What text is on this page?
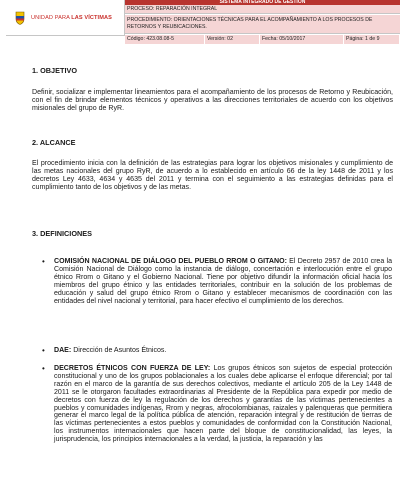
UNIDAD PARA LAS VÍCTIMAS
SISTEMA INTEGRADO DE GESTIÓN
PROCESO: REPARACIÓN INTEGRAL
PROCEDIMIENTO: ORIENTACIONES TÉCNICAS PARA EL ACOMPAÑAMIENTO A LOS PROCESOS DE RETORNOS Y REUBICACIONES.
Código: 423.08.08-5	Versión: 02	Fecha: 05/10/2017	Página: 1 de 9
1. OBJETIVO
Definir, socializar e implementar lineamientos para el acompañamiento de los procesos de Retorno y Reubicación, con el fin de brindar elementos técnicos y operativos a las direcciones territoriales de acuerdo con los objetivos misionales del grupo de RyR.
2. ALCANCE
El procedimiento inicia con la definición de las estrategias para lograr los objetivos misionales y cumplimiento de las metas nacionales del grupo RyR, de acuerdo a lo establecido en artículo 66 de la ley 1448 de 2011 y los decretos Ley 4633, 4634 y 4635 del 2011 y termina con el seguimiento a las estrategias definidas para el cumplimiento tanto de los objetivos y de las metas.
3. DEFINICIONES
• COMISIÓN NACIONAL DE DIÁLOGO DEL PUEBLO RROM O GITANO: El Decreto 2957 de 2010 crea la Comisión Nacional de Diálogo como la instancia de diálogo, concertación e interlocución entre el grupo étnico Rrom o Gitano y el Gobierno Nacional. Tiene por objetivo difundir la información oficial hacia los miembros del grupo étnico y las entidades territoriales, contribuir en la solución de los problemas de educación y salud del grupo étnico Rrom o Gitano y establecer mecanismos de coordinación con las entidades del nivel nacional y territorial, para hacer efectivo el cumplimiento de los derechos.
• DAE: Dirección de Asuntos Étnicos.
• DECRETOS ÉTNICOS CON FUERZA DE LEY: Los grupos étnicos son sujetos de especial protección constitucional y uno de los grupos poblacionales a los cuales debe aplicarse el enfoque diferencial; por tal razón en el marco de la garantía de sus derechos colectivos, mediante el artículo 205 de la Ley 1448 de 2011 se le otorgaron facultades extraordinarias al Presidente de la República para expedir por medio de decretos con fuerza de ley la regulación de los derechos y garantías de las víctimas pertenecientes a pueblos y comunidades indígenas, Rrom y negras, afrocolombianas, raizales y palenqueras que permitiera generar el marco legal de la política pública de atención, reparación integral y de restitución de tierras de las víctimas pertenecientes a estos pueblos y comunidades de conformidad con la Constitución Nacional, los instrumentos internacionales que hacen parte del bloque de constitucionalidad, las leyes, la jurisprudencia, los principios internacionales a la verdad, la justicia, la reparación y las
